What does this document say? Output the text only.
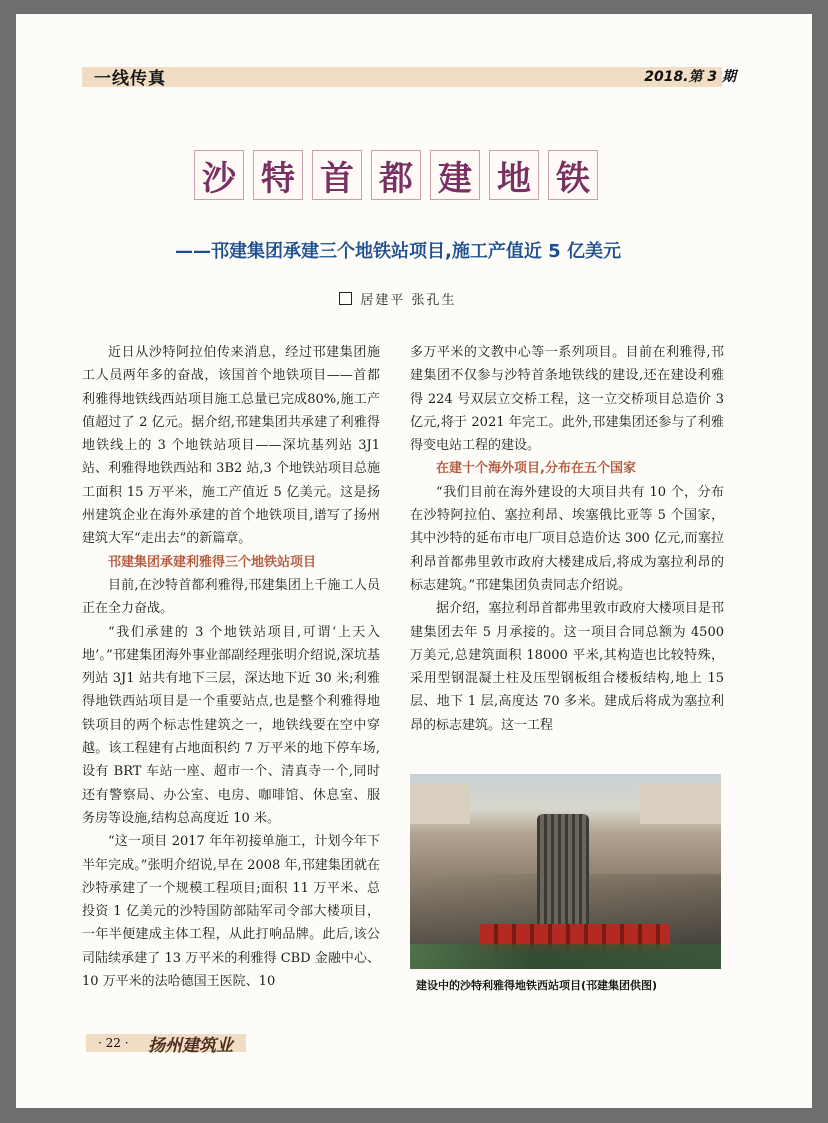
一线传真	2018.第 3 期
沙 特 首 都 建 地 铁
——邗建集团承建三个地铁站项目,施工产值近 5 亿美元
居建平 张孔生

近日从沙特阿拉伯传来消息，经过邗建集团施工人员两年多的奋战，该国首个地铁项目——首都利雅得地铁线西站项目施工总量已完成80%,施工产值超过了 2 亿元。据介绍,邗建集团共承建了利雅得地铁线上的 3 个地铁站项目——深坑基列站 3J1 站、利雅得地铁西站和 3B2 站,3 个地铁站项目总施工面积 15 万平米，施工产值近 5 亿美元。这是扬州建筑企业在海外承建的首个地铁项目,谱写了扬州建筑大军“走出去”的新篇章。

邗建集团承建利雅得三个地铁站项目

目前,在沙特首都利雅得,邗建集团上千施工人员正在全力奋战。

“我们承建的 3 个地铁站项目,可谓‘上天入地’。”邗建集团海外事业部副经理张明介绍说,深坑基列站 3J1 站共有地下三层，深达地下近 30 米;利雅得地铁西站项目是一个重要站点,也是整个利雅得地铁项目的两个标志性建筑之一，地铁线要在空中穿越。该工程建有占地面积约 7 万平米的地下停车场,设有 BRT 车站一座、超市一个、清真寺一个,同时还有警察局、办公室、电房、咖啡馆、休息室、服务房等设施,结构总高度近 10 米。

“这一项目 2017 年年初接单施工，计划今年下半年完成。”张明介绍说,早在 2008 年,邗建集团就在沙特承建了一个规模工程项目;面积 11 万平米、总投资 1 亿美元的沙特国防部陆军司令部大楼项目，一年半便建成主体工程，从此打响品牌。此后,该公司陆续承建了 13 万平米的利雅得 CBD 金融中心、10 万平米的法哈德国王医院、10

多万平米的文教中心等一系列项目。目前在利雅得,邗建集团不仅参与沙特首条地铁线的建设,还在建设利雅得 224 号双层立交桥工程，这一立交桥项目总造价 3 亿元,将于 2021 年完工。此外,邗建集团还参与了利雅得变电站工程的建设。

在建十个海外项目,分布在五个国家

“我们目前在海外建设的大项目共有 10 个，分布在沙特阿拉伯、塞拉利昂、埃塞俄比亚等 5 个国家，其中沙特的延布市电厂项目总造价达 300 亿元,而塞拉利昂首都弗里敦市政府大楼建成后,将成为塞拉利昂的标志建筑。”邗建集团负责同志介绍说。

据介绍，塞拉利昂首都弗里敦市政府大楼项目是邗建集团去年 5 月承接的。这一项目合同总额为 4500 万美元,总建筑面积 18000 平米,其构造也比较特殊，采用型钢混凝土柱及压型钢板组合楼板结构,地上 15 层、地下 1 层,高度达 70 多米。建成后将成为塞拉利昂的标志建筑。这一工程

建设中的沙特利雅得地铁西站项目(邗建集团供图)
· 22 · 扬州建筑业
